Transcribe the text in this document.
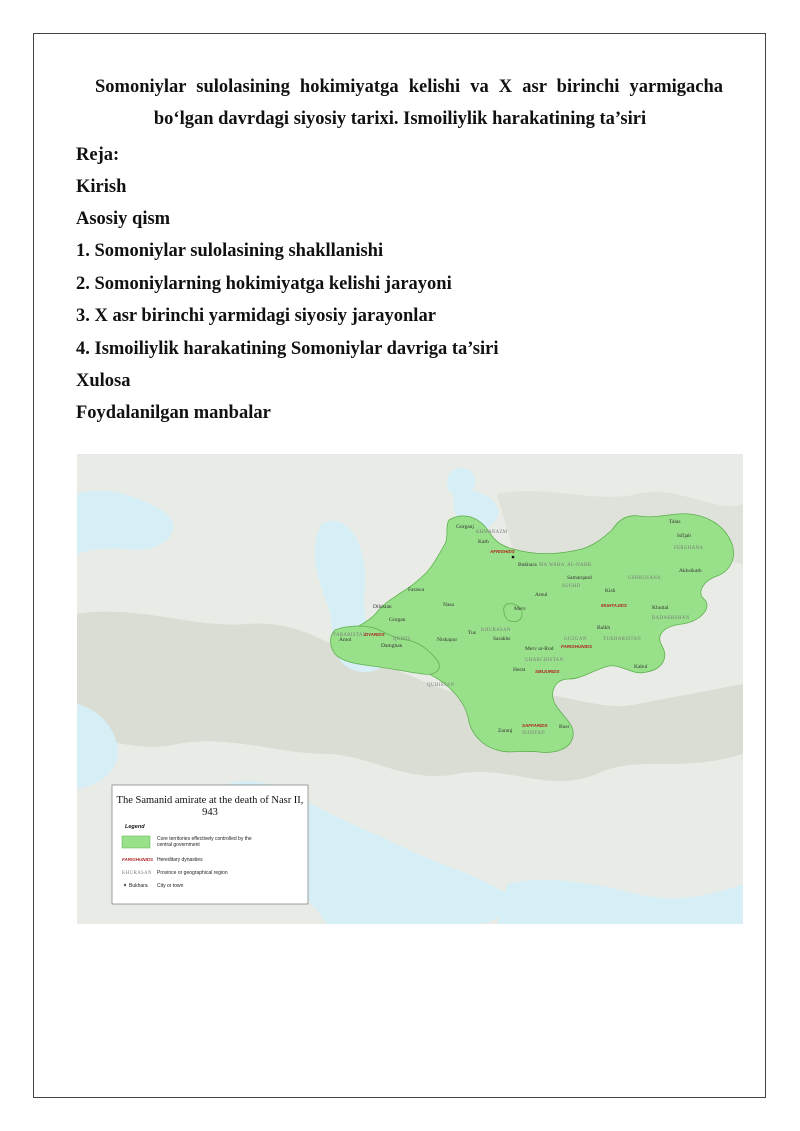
Somoniylar sulolasining hokimiyatga kelishi va X asr birinchi yarmigacha
bo‘lgan davrdagi siyosiy tarixi. Ismoiliylik harakatining ta’siri
Reja:
Kirish
Asosiy qism
1. Somoniylar sulolasining shakllanishi
2. Somoniylarning hokimiyatga kelishi jarayoni
3. X asr birinchi yarmidagi siyosiy jarayonlar
4. Ismoiliylik harakatining Somoniylar davriga ta’siri
Xulosa
Foydalanilgan manbalar
Talas
Isfijab
Akhsikath
Gurganj
Kath
Bukhara
Samarqand
Amul
Kish
Farawa
Nasa
Merv
Dihistan
Gurgan
Amol
Damghan
Nishapur
Tus
Sarakhs
Balkh
Khuttal
Herat
Merv ar-Rud
Kabul
Zaranj
Bust
KHWARAZM
MA WARA' AL-NAHR
USHRUSANA
FERGHANA
KHURASAN
TABARISTAN
QUMIS
QUHISTAN
GHARCHISTAN
GUZGAN
SIJISTAN
TUKHARISTAN
BADAKHSHAN
SUGHD
AFRIGHIDS
MUHTAJIDS
FARIGHUNIDS
ZIYARIDS
SIMJURIDS
SAFFARIDS
The Samanid amirate at the death of Nasr II,
943
Legend
Core territories effectively controlled by the
central government
FARIGHUNIDS Hereditary dynasties
KHURASAN Province or geographical region
Bukhara City or town
